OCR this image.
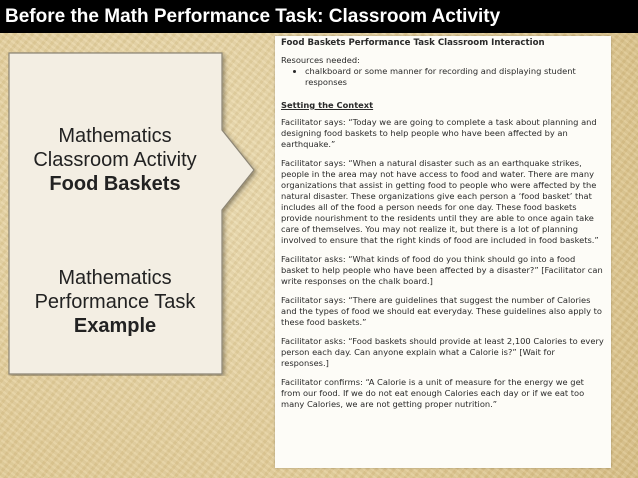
Before the Math Performance Task: Classroom Activity
Mathematics
Classroom Activity
Food Baskets
Mathematics
Performance Task
Example
Food Baskets Performance Task Classroom Interaction
Resources needed:
• chalkboard or some manner for recording and displaying student responses
Setting the Context

Facilitator says: “Today we are going to complete a task about planning and designing food baskets to help people who have been affected by an earthquake.”

Facilitator says: “When a natural disaster such as an earthquake strikes, people in the area may not have access to food and water. There are many organizations that assist in getting food to people who were affected by the natural disaster. These organizations give each person a ‘food basket’ that includes all of the food a person needs for one day. These food baskets provide nourishment to the residents until they are able to once again take care of themselves. You may not realize it, but there is a lot of planning involved to ensure that the right kinds of food are included in food baskets.”

Facilitator asks: “What kinds of food do you think should go into a food basket to help people who have been affected by a disaster?” [Facilitator can write responses on the chalk board.]

Facilitator says: “There are guidelines that suggest the number of Calories and the types of food we should eat everyday. These guidelines also apply to these food baskets.”

Facilitator asks: “Food baskets should provide at least 2,100 Calories to every person each day. Can anyone explain what a Calorie is?” [Wait for responses.]

Facilitator confirms: “A Calorie is a unit of measure for the energy we get from our food. If we do not eat enough Calories each day or if we eat too many Calories, we are not getting proper nutrition.”
